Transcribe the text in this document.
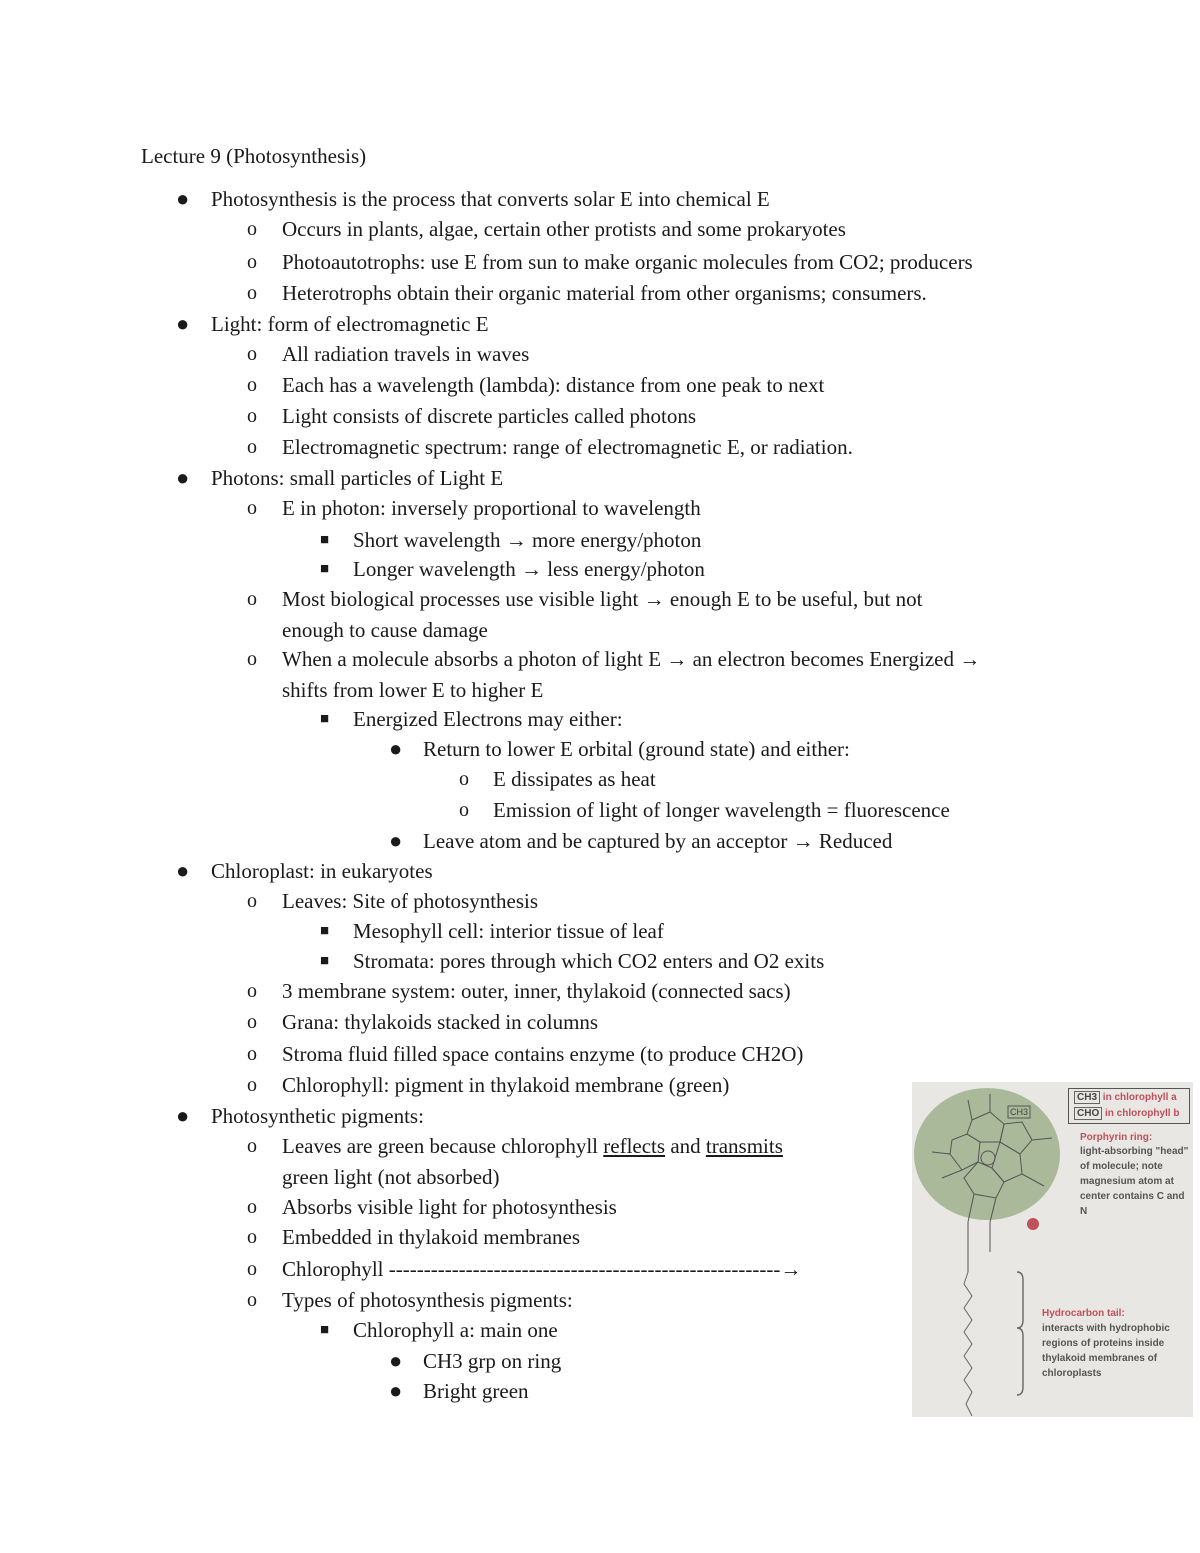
Lecture 9 (Photosynthesis)
● Photosynthesis is the process that converts solar E into chemical E
o Occurs in plants, algae, certain other protists and some prokaryotes
o Photoautotrophs: use E from sun to make organic molecules from CO2; producers
o Heterotrophs obtain their organic material from other organisms; consumers.
● Light: form of electromagnetic E
o All radiation travels in waves
o Each has a wavelength (lambda): distance from one peak to next
o Light consists of discrete particles called photons
o Electromagnetic spectrum: range of electromagnetic E, or radiation.
● Photons: small particles of Light E
o E in photon: inversely proportional to wavelength
■ Short wavelength → more energy/photon
■ Longer wavelength → less energy/photon
o Most biological processes use visible light → enough E to be useful, but not
enough to cause damage
o When a molecule absorbs a photon of light E → an electron becomes Energized →
shifts from lower E to higher E
■ Energized Electrons may either:
● Return to lower E orbital (ground state) and either:
o E dissipates as heat
o Emission of light of longer wavelength = fluorescence
● Leave atom and be captured by an acceptor → Reduced
● Chloroplast: in eukaryotes
o Leaves: Site of photosynthesis
■ Mesophyll cell: interior tissue of leaf
■ Stromata: pores through which CO2 enters and O2 exits
o 3 membrane system: outer, inner, thylakoid (connected sacs)
o Grana: thylakoids stacked in columns
o Stroma fluid filled space contains enzyme (to produce CH2O)
o Chlorophyll: pigment in thylakoid membrane (green)
● Photosynthetic pigments:
o Leaves are green because chlorophyll reflects and transmits
green light (not absorbed)
o Absorbs visible light for photosynthesis
o Embedded in thylakoid membranes
o Chlorophyll --------------------------------------------------------→
o Types of photosynthesis pigments:
■ Chlorophyll a: main one
● CH3 grp on ring
● Bright green
CH3
CH3 in chlorophyll a
CHO in chlorophyll b
Porphyrin ring:
light-absorbing "head" of molecule; note magnesium atom at center contains C and N
Hydrocarbon tail:
interacts with hydrophobic regions of proteins inside thylakoid membranes of chloroplasts
